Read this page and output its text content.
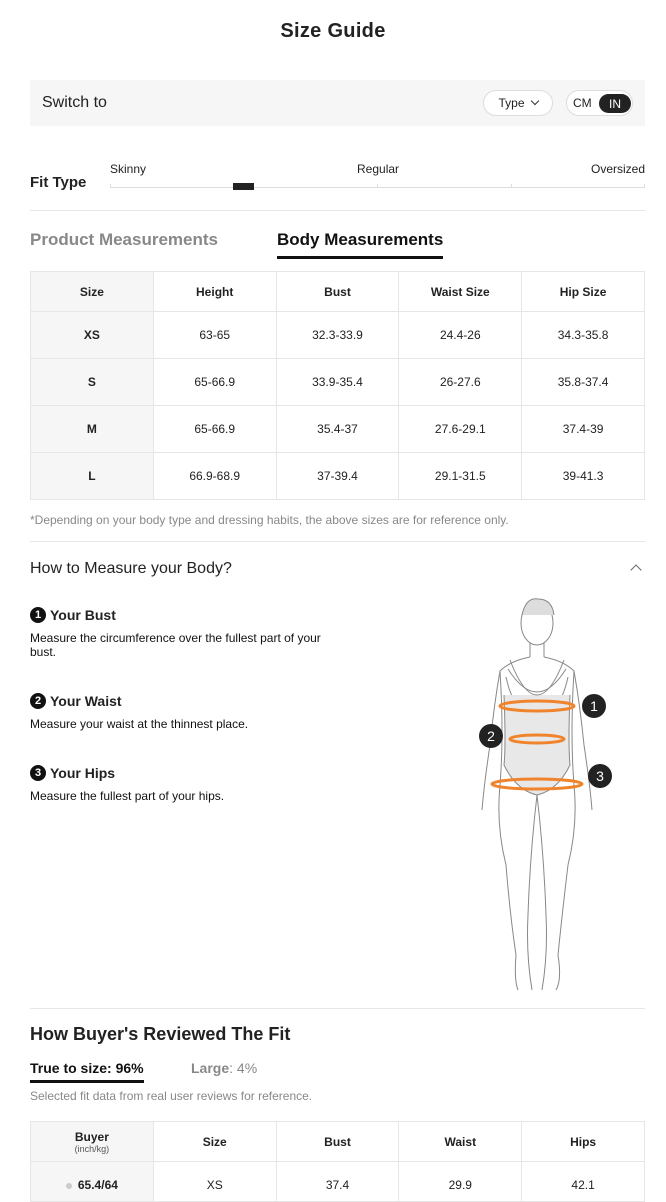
Size Guide
Switch to	Type	CM	IN
Fit Type
Skinny	Regular	Oversized
Product Measurements	Body Measurements
Size	Height	Bust	Waist Size	Hip Size
XS	63-65	32.3-33.9	24.4-26	34.3-35.8
S	65-66.9	33.9-35.4	26-27.6	35.8-37.4
M	65-66.9	35.4-37	27.6-29.1	37.4-39
L	66.9-68.9	37-39.4	29.1-31.5	39-41.3
*Depending on your body type and dressing habits, the above sizes are for reference only.
How to Measure your Body?
1 Your Bust
Measure the circumference over the fullest part of your bust.
2 Your Waist
Measure your waist at the thinnest place.
3 Your Hips
Measure the fullest part of your hips.
1
2
3
How Buyer's Reviewed The Fit
True to size: 96%	Large: 4%
Selected fit data from real user reviews for reference.
Buyer
(inch/kg)	Size	Bust	Waist	Hips
65.4/64	XS	37.4	29.9	42.1
